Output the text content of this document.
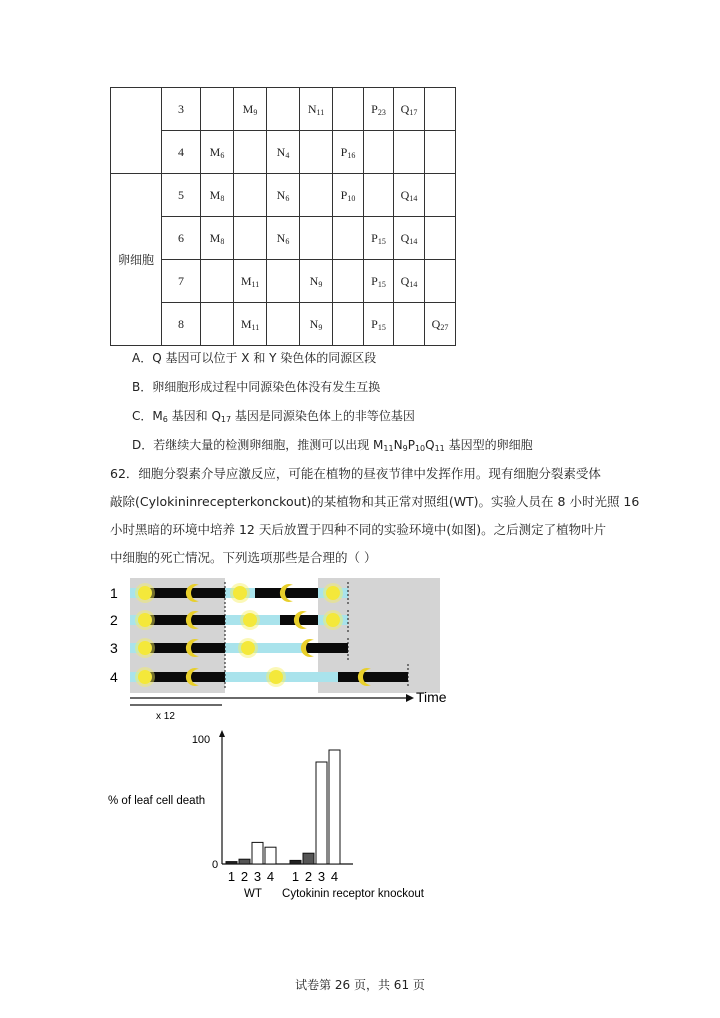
	3		$M_9$		$N_{11}$		$P_{23}$	$Q_{17}$	
	4	$M_6$		$N_4$		$P_{16}$			
卵细胞	5	$M_8$		$N_6$		$P_{10}$		$Q_{14}$	
	6	$M_8$		$N_6$			$P_{15}$	$Q_{14}$	
	7		$M_{11}$		$N_9$		$P_{15}$	$Q_{14}$	
	8		$M_{11}$		$N_9$		$P_{15}$		$Q_{27}$
A．Q 基因可以位于 X 和 Y 染色体的同源区段
B．卵细胞形成过程中同源染色体没有发生互换
C．$M_6$ 基因和 $Q_{17}$ 基因是同源染色体上的非等位基因
D．若继续大量的检测卵细胞，推测可以出现 $M_{11}N_9P_{10}Q_{11}$ 基因型的卵细胞
62．细胞分裂素介导应激反应，可能在植物的昼夜节律中发挥作用。现有细胞分裂素受体
敲除(Cylokininrecepterkonckout)的某植物和其正常对照组(WT)。实验人员在 8 小时光照 16
小时黑暗的环境中培养 12 天后放置于四种不同的实验环境中(如图)。之后测定了植物叶片
中细胞的死亡情况。下列选项那些是合理的（ ）
1
2
3
4
Time
x 12
% of leaf cell death
100
0
1 2 3 4
WT
1 2 3 4
Cytokinin receptor knockout
试卷第 26 页，共 61 页
